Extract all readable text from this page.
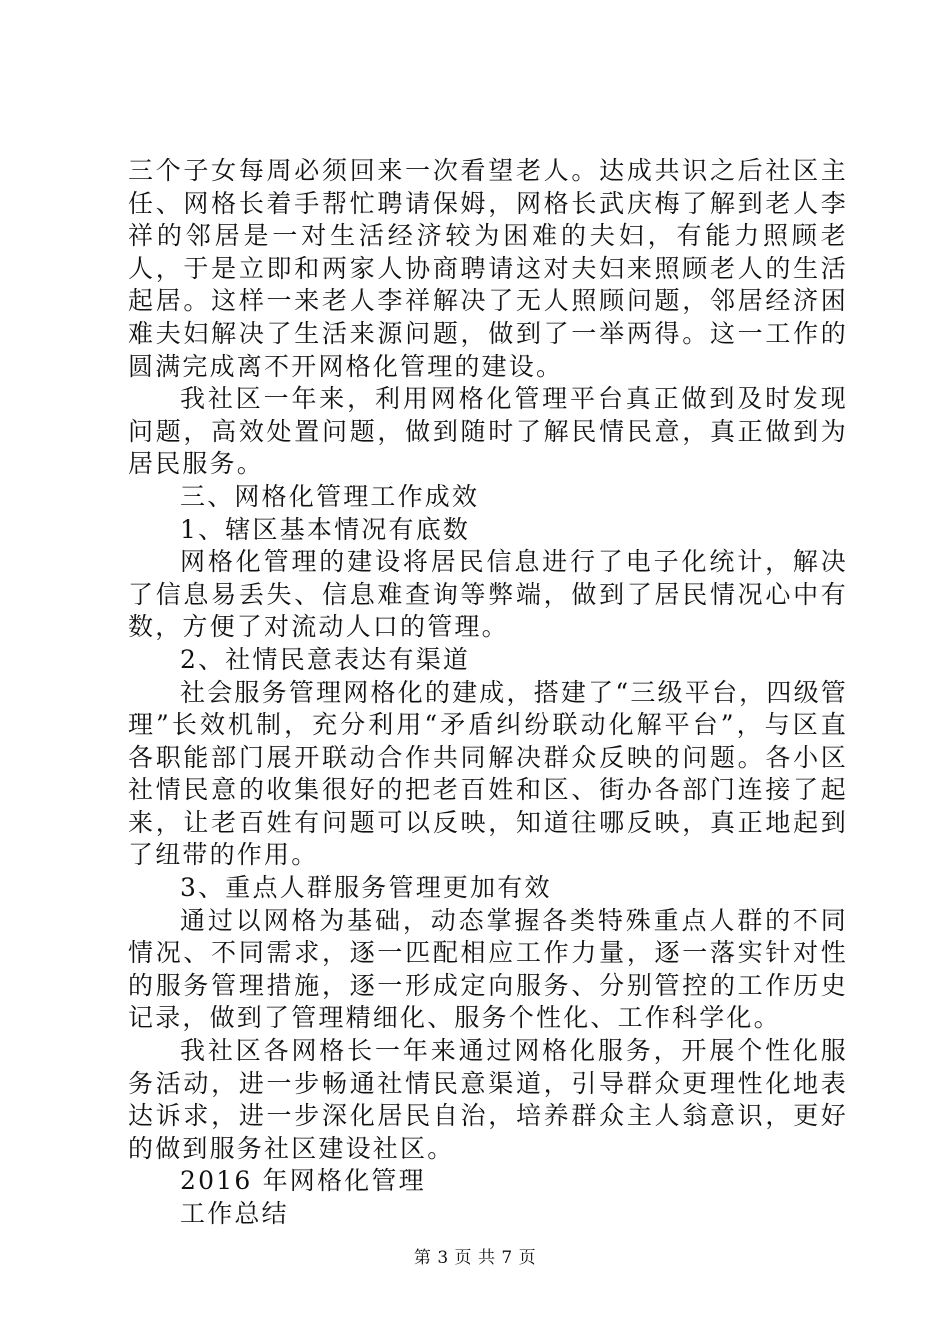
三个子女每周必须回来一次看望老人。达成共识之后社区主任、网格长着手帮忙聘请保姆，网格长武庆梅了解到老人李祥的邻居是一对生活经济较为困难的夫妇，有能力照顾老人，于是立即和两家人协商聘请这对夫妇来照顾老人的生活起居。这样一来老人李祥解决了无人照顾问题，邻居经济困难夫妇解决了生活来源问题，做到了一举两得。这一工作的圆满完成离不开网格化管理的建设。

我社区一年来，利用网格化管理平台真正做到及时发现问题，高效处置问题，做到随时了解民情民意，真正做到为居民服务。

三、网格化管理工作成效

1、辖区基本情况有底数

网格化管理的建设将居民信息进行了电子化统计，解决了信息易丢失、信息难查询等弊端，做到了居民情况心中有数，方便了对流动人口的管理。

2、社情民意表达有渠道

社会服务管理网格化的建成，搭建了“三级平台，四级管理”长效机制，充分利用“矛盾纠纷联动化解平台”，与区直各职能部门展开联动合作共同解决群众反映的问题。各小区社情民意的收集很好的把老百姓和区、街办各部门连接了起来，让老百姓有问题可以反映，知道往哪反映，真正地起到了纽带的作用。

3、重点人群服务管理更加有效

通过以网格为基础，动态掌握各类特殊重点人群的不同情况、不同需求，逐一匹配相应工作力量，逐一落实针对性的服务管理措施，逐一形成定向服务、分别管控的工作历史记录，做到了管理精细化、服务个性化、工作科学化。

我社区各网格长一年来通过网格化服务，开展个性化服务活动，进一步畅通社情民意渠道，引导群众更理性化地表达诉求，进一步深化居民自治，培养群众主人翁意识，更好的做到服务社区建设社区。

2016 年网格化管理

工作总结

第 3 页 共 7 页
